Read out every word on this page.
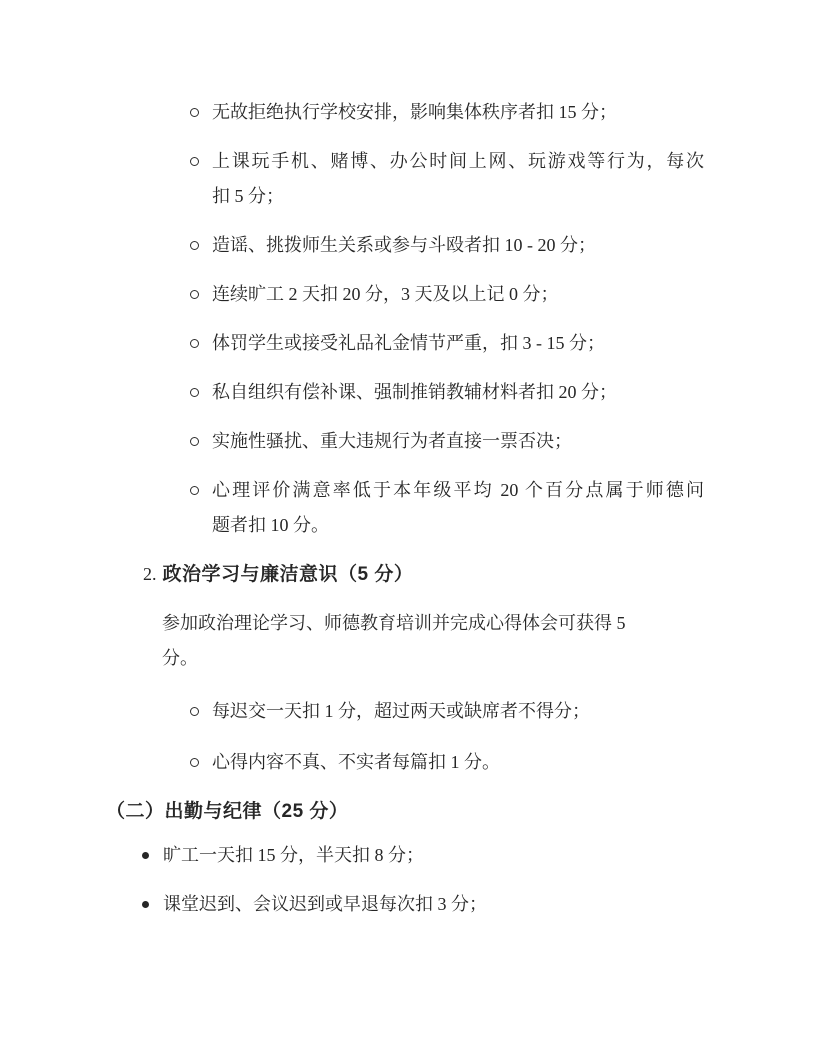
无故拒绝执行学校安排，影响集体秩序者扣 15 分；
上课玩手机、赌博、办公时间上网、玩游戏等行为，每次
扣 5 分；
造谣、挑拨师生关系或参与斗殴者扣 10 - 20 分；
连续旷工 2 天扣 20 分，3 天及以上记 0 分；
体罚学生或接受礼品礼金情节严重，扣 3 - 15 分；
私自组织有偿补课、强制推销教辅材料者扣 20 分；
实施性骚扰、重大违规行为者直接一票否决；
心理评价满意率低于本年级平均 20 个百分点属于师德问
题者扣 10 分。
2. 政治学习与廉洁意识（5 分）
参加政治理论学习、师德教育培训并完成心得体会可获得 5
分。
每迟交一天扣 1 分，超过两天或缺席者不得分；
心得内容不真、不实者每篇扣 1 分。
（二）出勤与纪律（25 分）
旷工一天扣 15 分，半天扣 8 分；
课堂迟到、会议迟到或早退每次扣 3 分；
